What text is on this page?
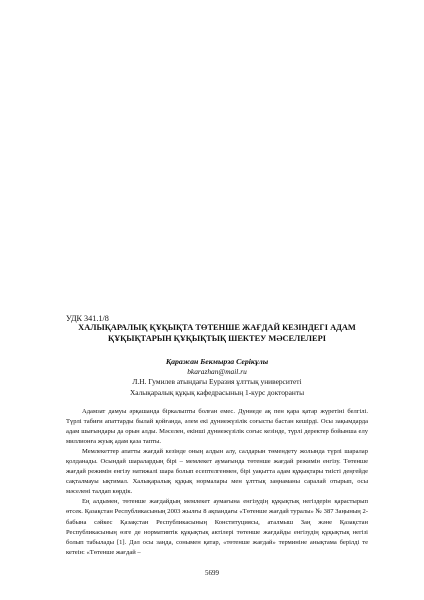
УДК 341.1/8
ХАЛЫҚАРАЛЫҚ ҚҰҚЫҚТА ТӨТЕНШЕ ЖАҒДАЙ КЕЗІНДЕГІ АДАМ
ҚҰҚЫҚТАРЫН ҚҰҚЫҚТЫҚ ШЕКТЕУ МӘСЕЛЕЛЕРІ
Қаражан Бекмырза Серікұлы
bkarazhan@mail.ru
Л.Н. Гумилев атындағы Еуразия ұлттық университеті
Халықаралық құқық кафедрасының 1-курс докторанты

Адамзат дамуы әрқашанда біркалыпты болған емес. Дүниеде ақ пен қара қатар жүретіні белгілі. Түрлі табиғи апаттарды былай қойғанда, әлем екі дүниежүзілік соғысты бастан кешірді. Осы зақымдарда адам шығындары да орын алды. Мәселен, екінші дүниежүзілік соғыс кезінде, түрлі деректер бойынша елу миллионға жуық адам қаза тапты.

Мемлекеттер апатты жағдай кезінде оның алдын алу, салдарын төмендету жолында түрлі шаралар қолданады. Осындай шаралардың бірі – мемлекет аумағында төтенше жағдай режимін енгізу. Төтенше жағдай режимін енгізу натижалі шара болып есептелгенмен, бірі уақытта адам құқықтары тиісті деңгейде сақталмауы ықтимал. Халықаралық құқық нормалары мен ұлттық заңнаманы саралай отырып, осы мәселені талдап көрдік.

Ең алдымен, төтенше жағдайдың мемлекет аумағына енгізудің құқықтық негіздерін қарастырып өтсек. Қазақстан Республикасының 2003 жылғы 8 ақпандағы «Төтенше жағдай туралы» № 387 Заңының 2-бабына сәйкес Қазақстан Республикасының Конституциясы, аталмыш Заң және Қазақстан Республикасының өзге де нормативтік құқықтық актілері төтенше жағдайды енгізудің құқықтық негізі болып табылады [1]. Дәл осы заңда, сонымен қатар, «төтенше жағдай» терминіне анықтама берілді те кетеін: «Төтенше жағдай –

5699
